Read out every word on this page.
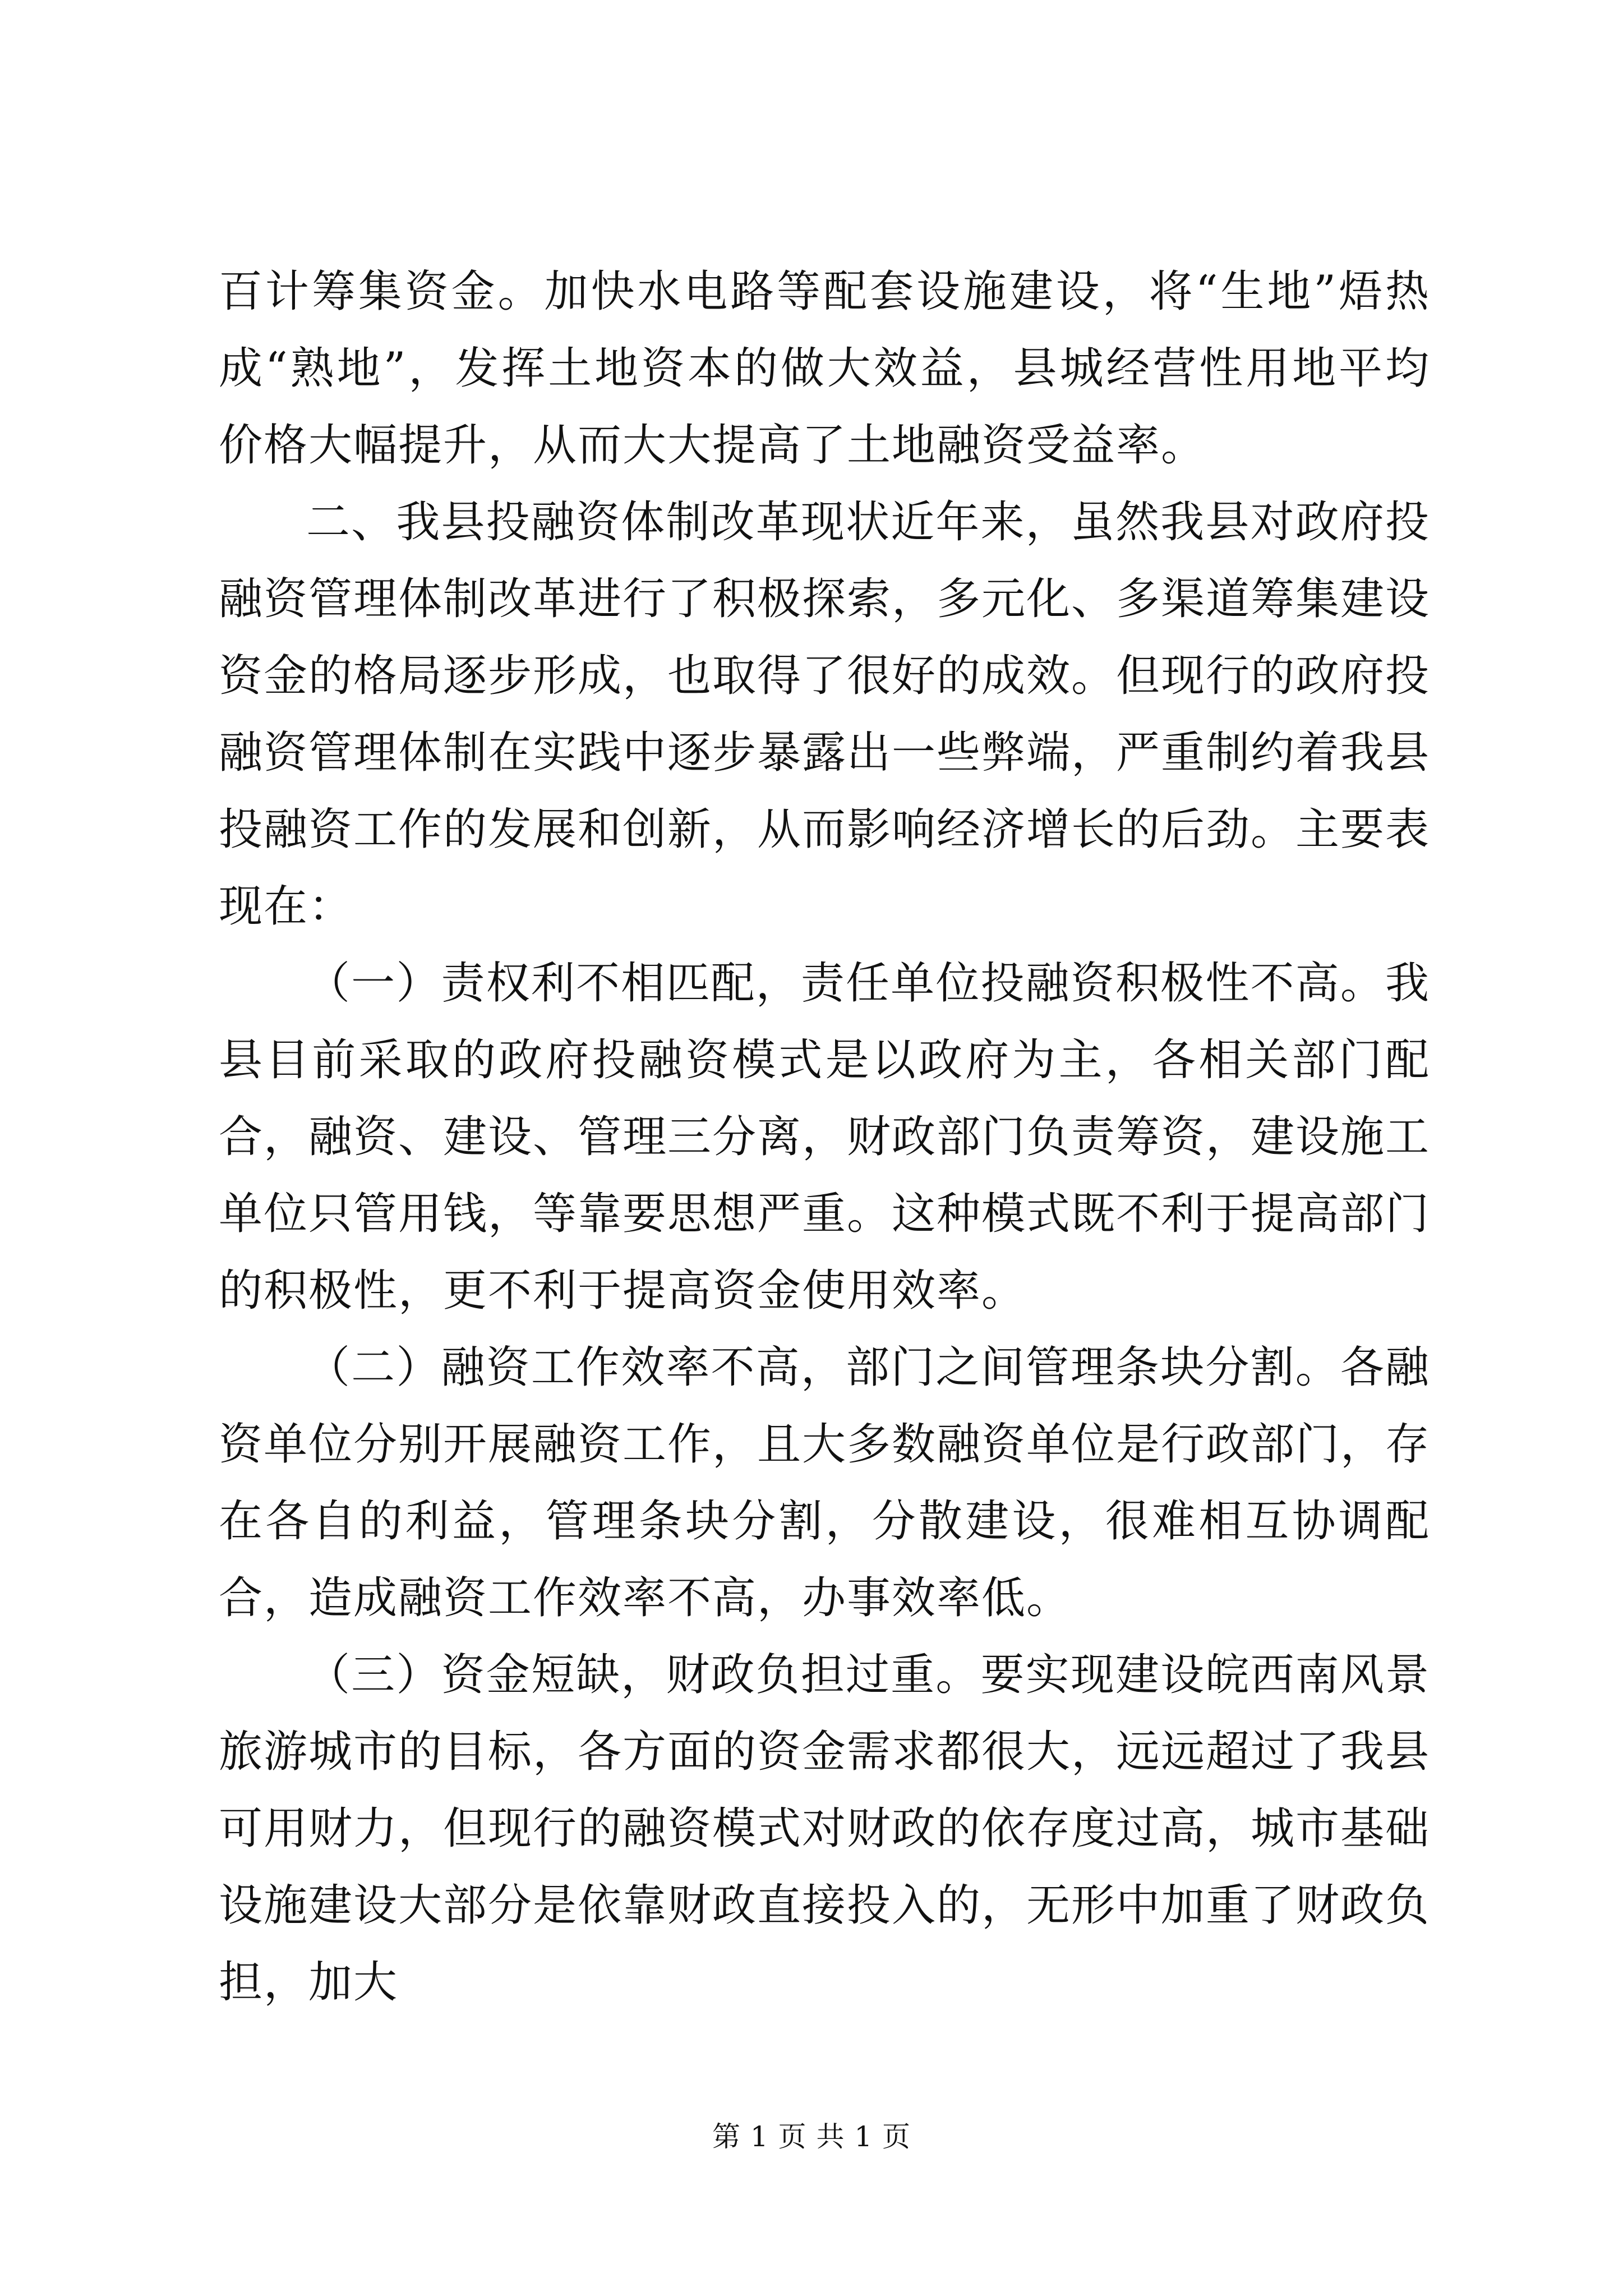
百计筹集资金。加快水电路等配套设施建设，将“生地”焐热成“熟地”，发挥土地资本的做大效益，县城经营性用地平均价格大幅提升，从而大大提高了土地融资受益率。

二、我县投融资体制改革现状近年来，虽然我县对政府投融资管理体制改革进行了积极探索，多元化、多渠道筹集建设资金的格局逐步形成，也取得了很好的成效。但现行的政府投融资管理体制在实践中逐步暴露出一些弊端，严重制约着我县投融资工作的发展和创新，从而影响经济增长的后劲。主要表现在：

（一）责权利不相匹配，责任单位投融资积极性不高。我县目前采取的政府投融资模式是以政府为主，各相关部门配合，融资、建设、管理三分离，财政部门负责筹资，建设施工单位只管用钱，等靠要思想严重。这种模式既不利于提高部门的积极性，更不利于提高资金使用效率。

（二）融资工作效率不高，部门之间管理条块分割。各融资单位分别开展融资工作，且大多数融资单位是行政部门，存在各自的利益，管理条块分割，分散建设，很难相互协调配合，造成融资工作效率不高，办事效率低。

（三）资金短缺，财政负担过重。要实现建设皖西南风景旅游城市的目标，各方面的资金需求都很大，远远超过了我县可用财力，但现行的融资模式对财政的依存度过高，城市基础设施建设大部分是依靠财政直接投入的，无形中加重了财政负担，加大

第 1 页 共 1 页
